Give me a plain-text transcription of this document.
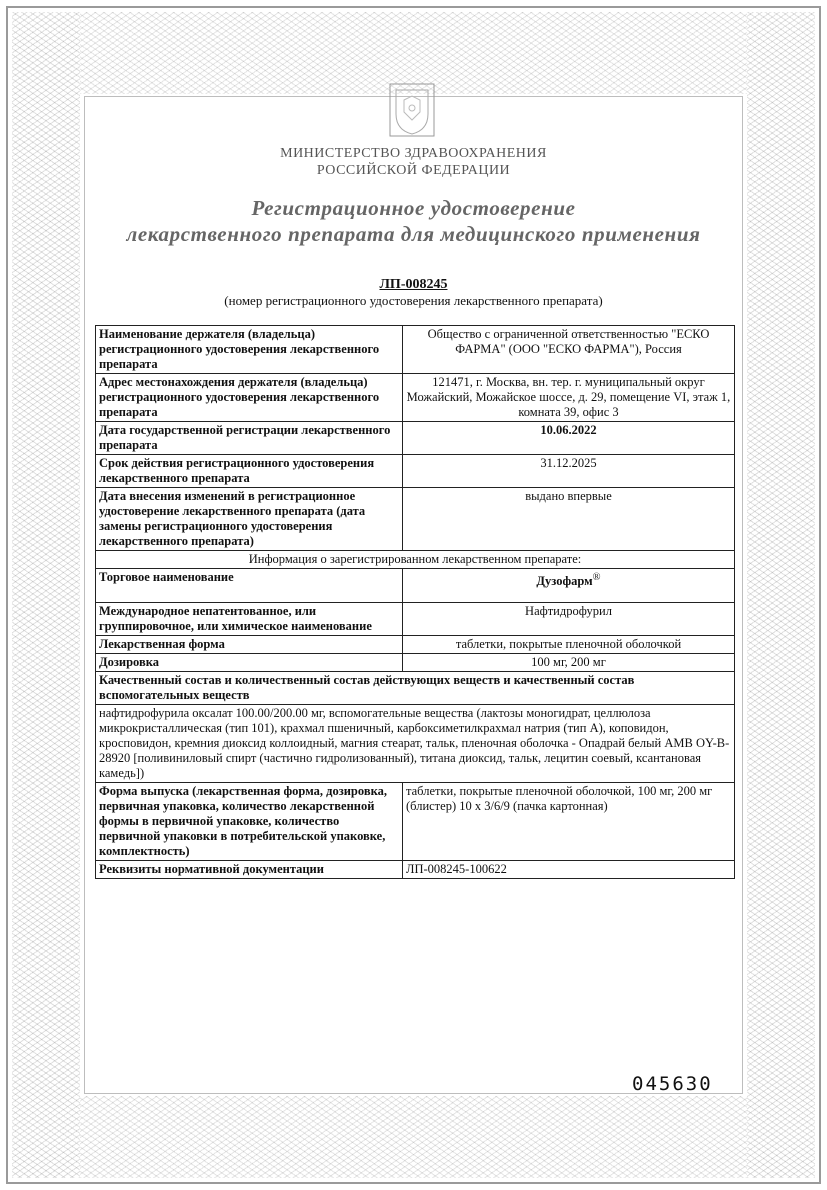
МИНИСТЕРСТВО ЗДРАВООХРАНЕНИЯ
РОССИЙСКОЙ ФЕДЕРАЦИИ
Регистрационное удостоверение
лекарственного препарата для медицинского применения
ЛП-008245
(номер регистрационного удостоверения лекарственного препарата)
Наименование держателя (владельца) регистрационного удостоверения лекарственного препарата	Общество с ограниченной ответственностью "ЕСКО ФАРМА" (ООО "ЕСКО ФАРМА"), Россия
Адрес местонахождения держателя (владельца) регистрационного удостоверения лекарственного препарата	121471, г. Москва, вн. тер. г. муниципальный округ Можайский, Можайское шоссе, д. 29, помещение VI, этаж 1, комната 39, офис 3
Дата государственной регистрации лекарственного препарата	10.06.2022
Срок действия регистрационного удостоверения лекарственного препарата	31.12.2025
Дата внесения изменений в регистрационное удостоверение лекарственного препарата (дата замены регистрационного удостоверения лекарственного препарата)	выдано впервые
Информация о зарегистрированном лекарственном препарате:	
Торговое наименование	Дузофарм®
Международное непатентованное, или группировочное, или химическое наименование	Нафтидрофурил
Лекарственная форма	таблетки, покрытые пленочной оболочкой
Дозировка	100 мг, 200 мг
Качественный состав и количественный состав действующих веществ и качественный состав вспомогательных веществ	
нафтидрофурила оксалат 100.00/200.00 мг, вспомогательные вещества (лактозы моногидрат, целлюлоза микрокристаллическая (тип 101), крахмал пшеничный, карбоксиметилкрахмал натрия (тип А), коповидон, кросповидон, кремния диоксид коллоидный, магния стеарат, тальк, пленочная оболочка - Опадрай белый AMB OY-B-28920 [поливиниловый спирт (частично гидролизованный), титана диоксид, тальк, лецитин соевый, ксантановая камедь])	
Форма выпуска (лекарственная форма, дозировка, первичная упаковка, количество лекарственной формы в первичной упаковке, количество первичной упаковки в потребительской упаковке, комплектность)	таблетки, покрытые пленочной оболочкой, 100 мг, 200 мг (блистер) 10 х 3/6/9 (пачка картонная)
Реквизиты нормативной документации	ЛП-008245-100622
045630
